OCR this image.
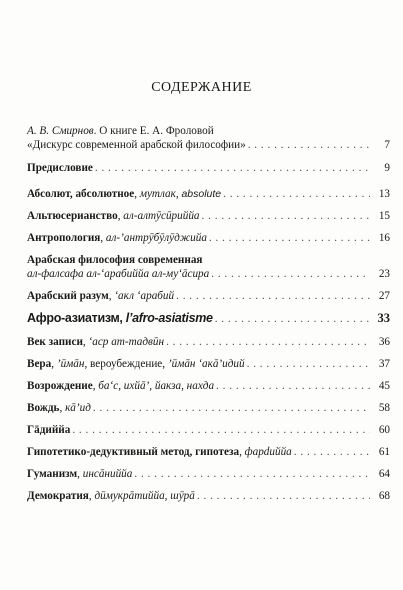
СОДЕРЖАНИЕ
А. В. Смирнов. О книге Е. А. Фроловой
«Дискурс современной арабской философии» . . .	7
Предисловие . . .	9
Абсолют, абсолютное, мутлак, absolute . . .	13
Альтюсерианство, ал-алтӯсӣриййа . . .	15
Антропология, ал-’антрӯбӯлӯджийа . . .	16
Арабская философия современная
ал-фалсафа ал-‘арабиййа ал-му‘āсира . . .	23
Арабский разум, ‘акл ‘арабий . . .	27
Афро-азиатизм, l’afro-asiatisme . . .	33
Век записи, ‘аср ат-тадвӣн . . .	36
Вера, ’ӣмāн, вероубеждение, ’ӣмāн ‘акā’идий . . .	37
Возрождение, ба‘с, ихйā’, йакза, нахда . . .	45
Вождь, кā’ид . . .	58
Гāдиййа . . .	60
Гипотетико-дедуктивный метод, гипотеза, фарԁиййа . . .	61
Гуманизм, инсāниййа . . .	64
Демократия, дӣмукрāтиййа, шӯрā . . .	68
